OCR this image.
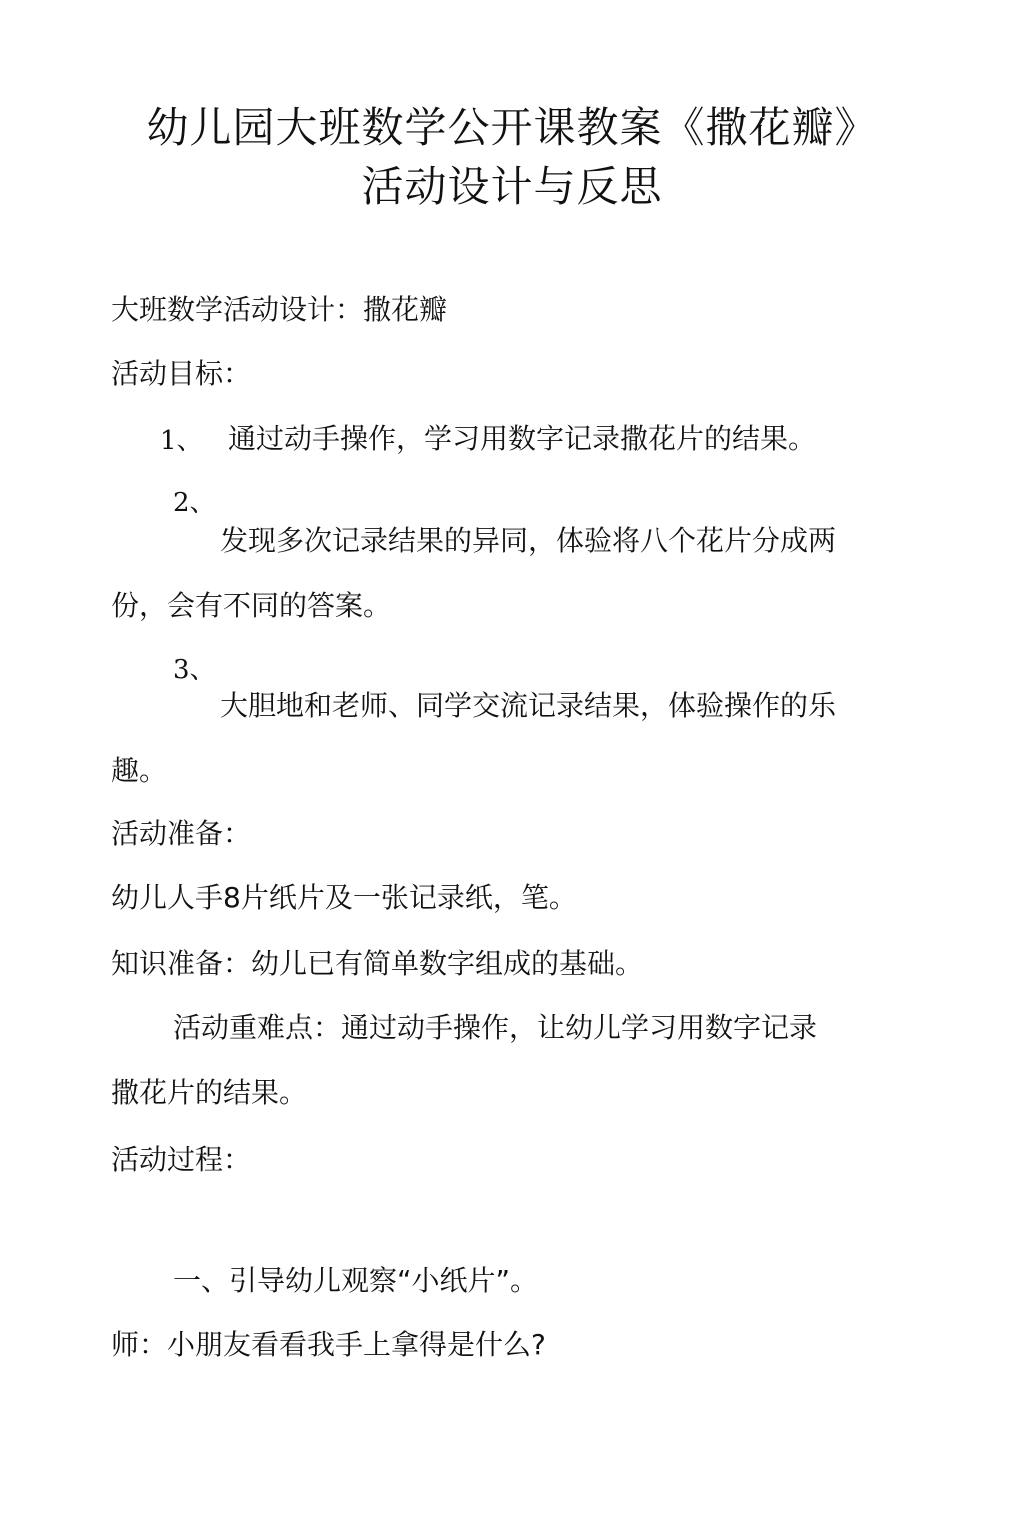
幼儿园大班数学公开课教案《撒花瓣》
活动设计与反思
大班数学活动设计：撒花瓣
活动目标：
1、 通过动手操作，学习用数字记录撒花片的结果。
2、
发现多次记录结果的异同，体验将八个花片分成两
份，会有不同的答案。
3、
大胆地和老师、同学交流记录结果，体验操作的乐
趣。
活动准备：
幼儿人手8片纸片及一张记录纸，笔。
知识准备：幼儿已有简单数字组成的基础。
活动重难点：通过动手操作，让幼儿学习用数字记录
撒花片的结果。
活动过程：
一、引导幼儿观察“小纸片”。
师：小朋友看看我手上拿得是什么?
